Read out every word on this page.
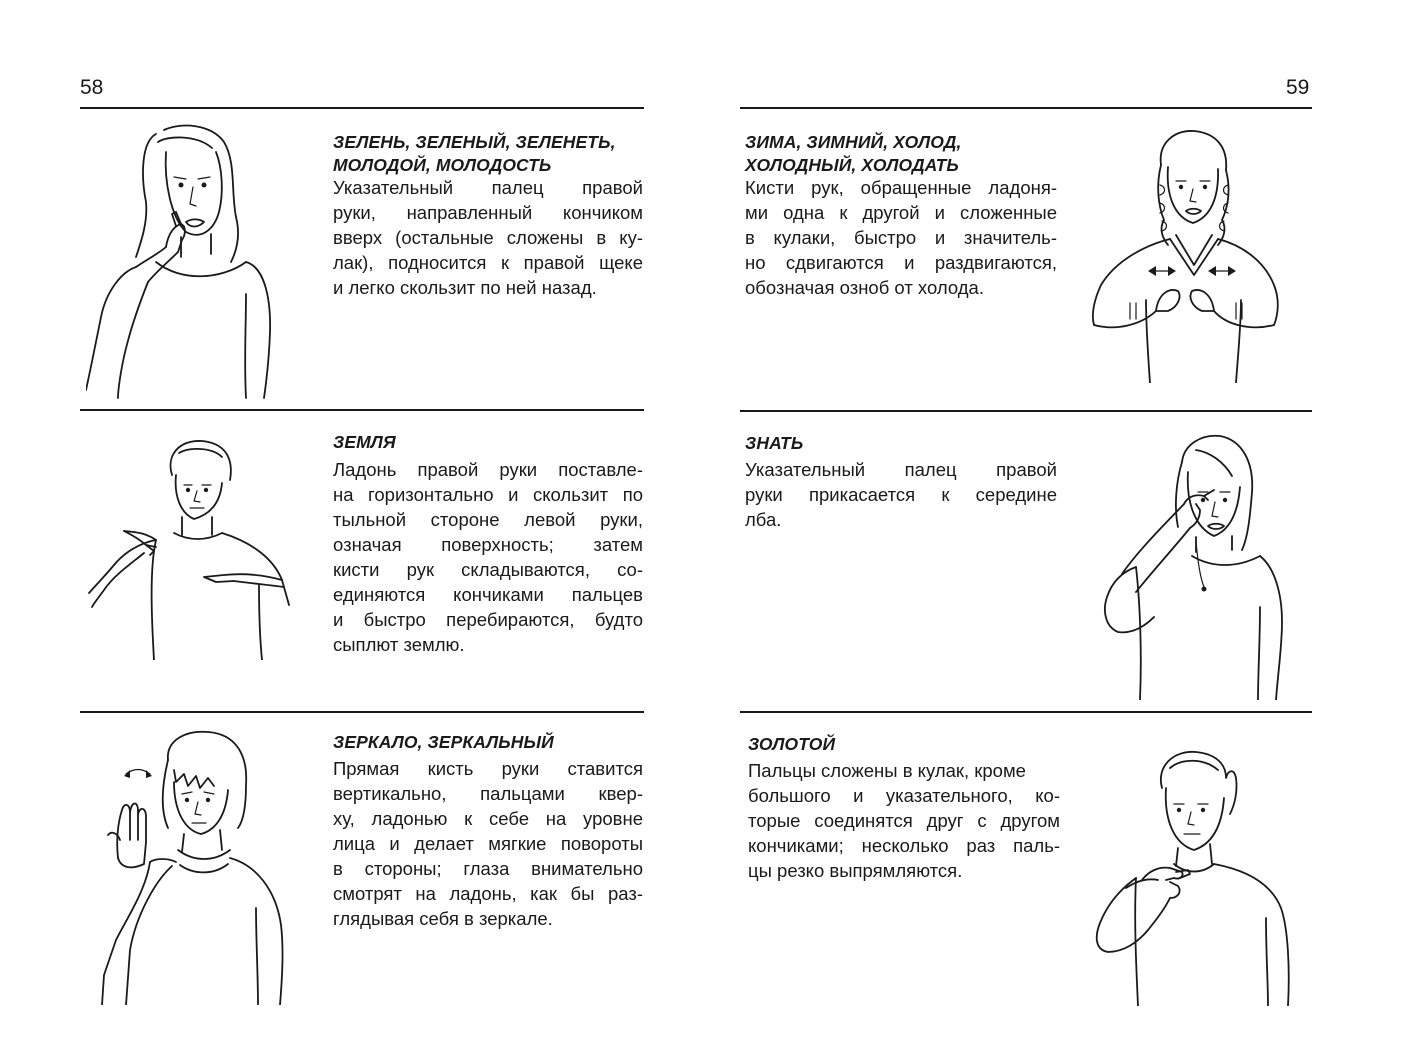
58	59
ЗЕЛЕНЬ, ЗЕЛЕНЫЙ, ЗЕЛЕНЕТЬ,
МОЛОДОЙ, МОЛОДОСТЬ
Указательный палец правой
руки, направленный кончиком
вверх (остальные сложены в ку-
лак), подносится к правой щеке
и легко скользит по ней назад.
ЗЕМЛЯ
Ладонь правой руки поставле-
на горизонтально и скользит по
тыльной стороне левой руки,
означая поверхность; затем
кисти рук складываются, со-
единяются кончиками пальцев
и быстро перебираются, будто
сыплют землю.
ЗЕРКАЛО, ЗЕРКАЛЬНЫЙ
Прямая кисть руки ставится
вертикально, пальцами квер-
ху, ладонью к себе на уровне
лица и делает мягкие повороты
в стороны; глаза внимательно
смотрят на ладонь, как бы раз-
глядывая себя в зеркале.
ЗИМА, ЗИМНИЙ, ХОЛОД,
ХОЛОДНЫЙ, ХОЛОДАТЬ
Кисти рук, обращенные ладоня-
ми одна к другой и сложенные
в кулаки, быстро и значитель-
но сдвигаются и раздвигаются,
обозначая озноб от холода.
ЗНАТЬ
Указательный палец правой
руки прикасается к середине
лба.
ЗОЛОТОЙ
Пальцы сложены в кулак, кроме
большого и указательного, ко-
торые соединятся друг с другом
кончиками; несколько раз паль-
цы резко выпрямляются.
